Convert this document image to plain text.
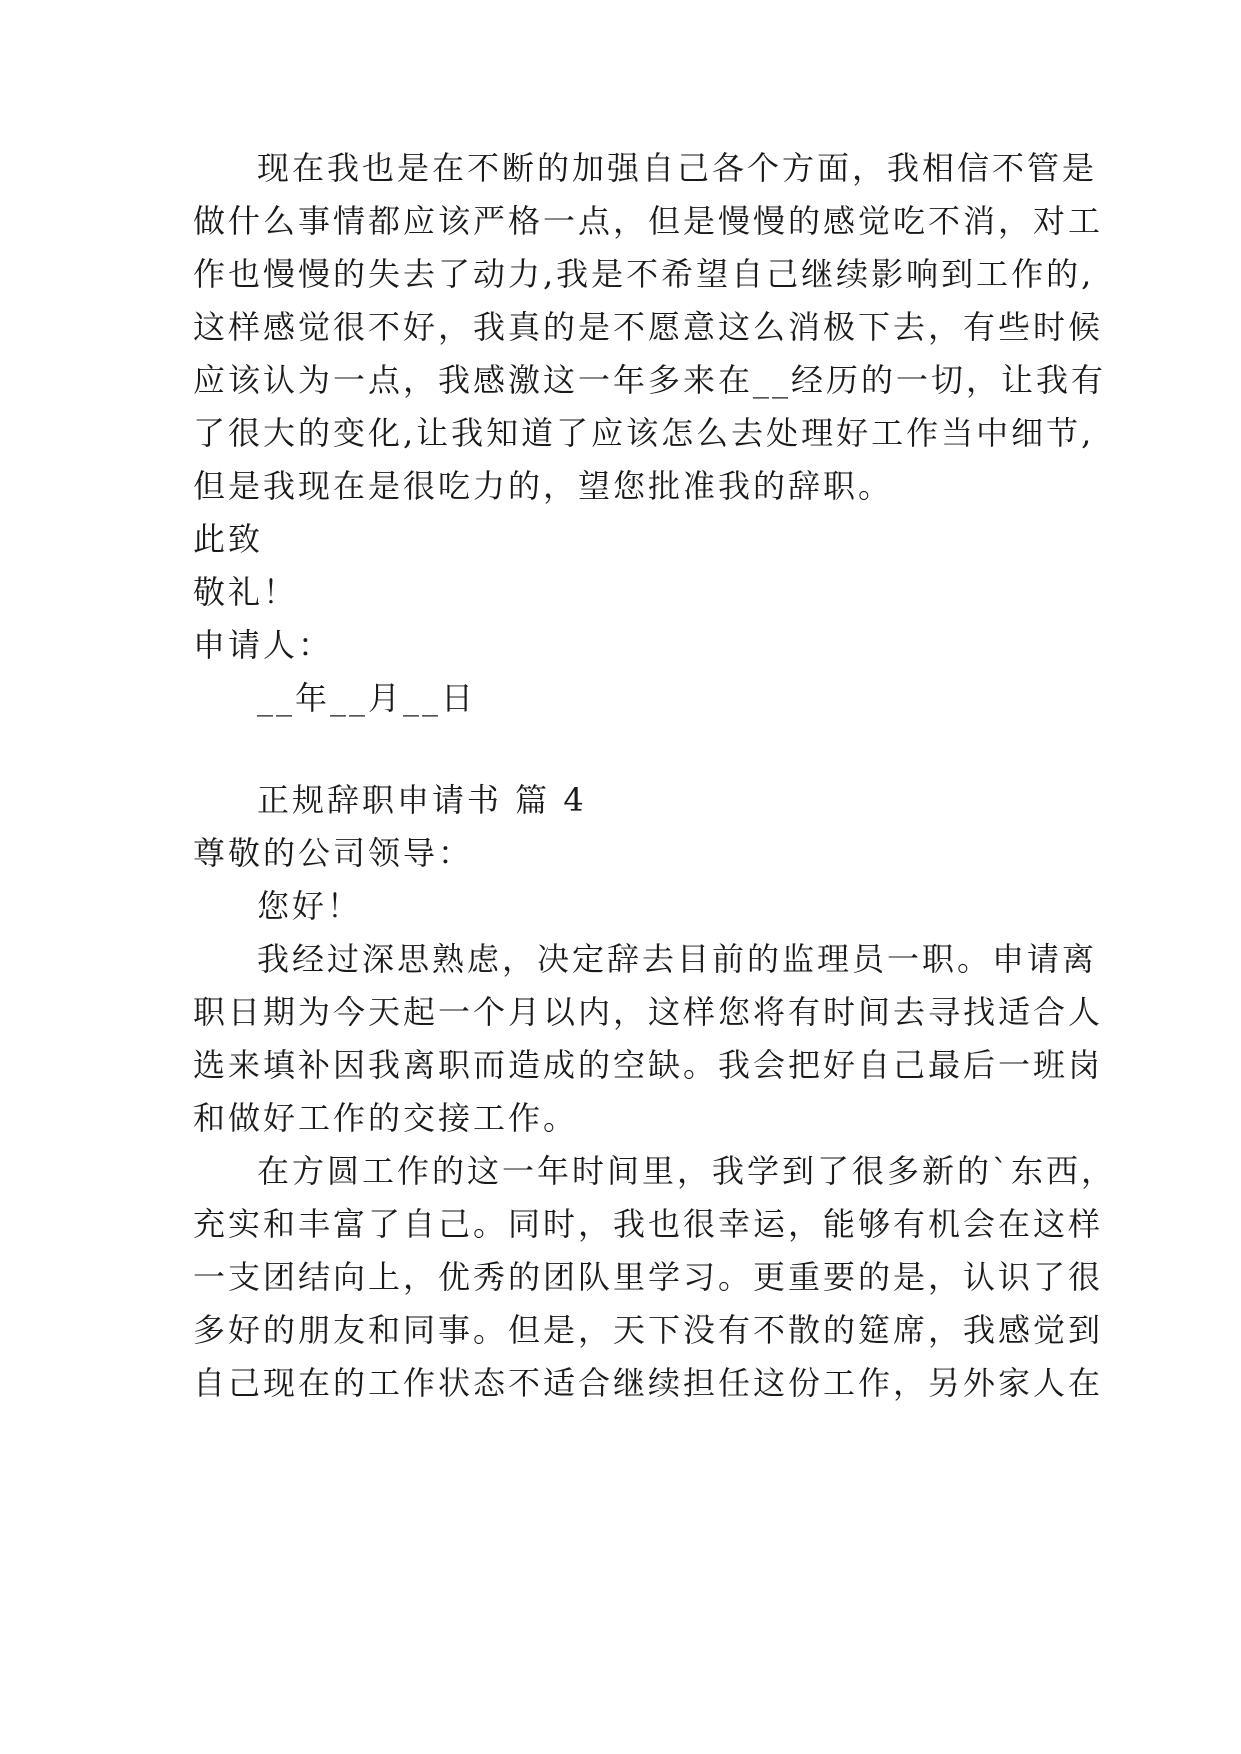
现在我也是在不断的加强自己各个方面，我相信不管是
做什么事情都应该严格一点，但是慢慢的感觉吃不消，对工
作也慢慢的失去了动力,我是不希望自己继续影响到工作的,
这样感觉很不好，我真的是不愿意这么消极下去，有些时候
应该认为一点，我感激这一年多来在__经历的一切，让我有
了很大的变化,让我知道了应该怎么去处理好工作当中细节,
但是我现在是很吃力的，望您批准我的辞职。
此致
敬礼！
申请人：
__年__月__日
正规辞职申请书 篇 4
尊敬的公司领导：
您好！
我经过深思熟虑，决定辞去目前的监理员一职。申请离
职日期为今天起一个月以内，这样您将有时间去寻找适合人
选来填补因我离职而造成的空缺。我会把好自己最后一班岗
和做好工作的交接工作。
在方圆工作的这一年时间里，我学到了很多新的`东西，
充实和丰富了自己。同时，我也很幸运，能够有机会在这样
一支团结向上，优秀的团队里学习。更重要的是，认识了很
多好的朋友和同事。但是，天下没有不散的筵席，我感觉到
自己现在的工作状态不适合继续担任这份工作，另外家人在
